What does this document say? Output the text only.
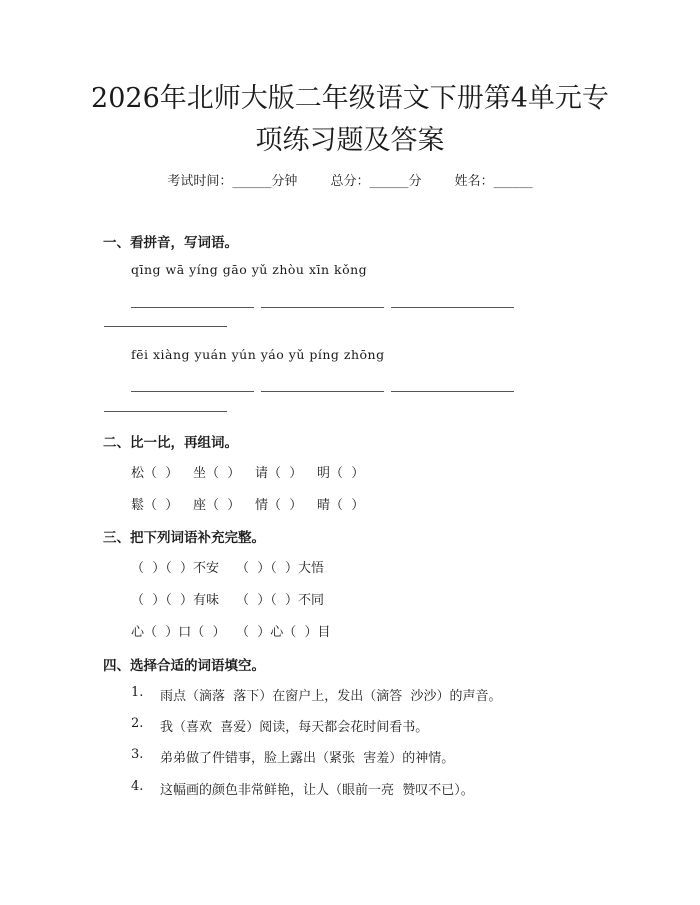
2026年北师大版二年级语文下册第4单元专
项练习题及答案
考试时间：______分钟	总分：______分	姓名：______
一、看拼音，写词语。
qīng wā yíng gāo yǔ zhòu xīn kǒng
fēi xiàng yuán yún yáo yǔ píng zhōng
二、比一比，再组词。
松（  ） 坐（  ） 请（  ） 明（  ）
鬆（  ） 座（  ） 情（  ） 晴（  ）
三、把下列词语补充完整。
（  ）（  ）不安 （  ）（  ）大悟
（  ）（  ）有味 （  ）（  ）不同
心（  ）口（  ） （  ）心（  ）目
四、选择合适的词语填空。
1. 雨点（滴落  落下）在窗户上，发出（滴答  沙沙）的声音。
2. 我（喜欢  喜爱）阅读，每天都会花时间看书。
3. 弟弟做了件错事，脸上露出（紧张  害羞）的神情。
4. 这幅画的颜色非常鲜艳，让人（眼前一亮  赞叹不已）。
